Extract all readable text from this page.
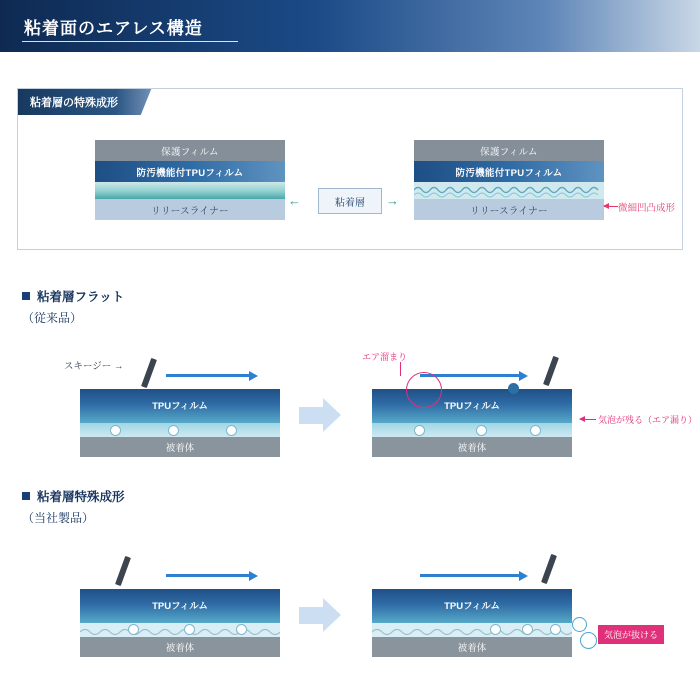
粘着面のエアレス構造
粘着層の特殊成形
保護フィルム
防汚機能付TPUフィルム
リリースライナー
保護フィルム
防汚機能付TPUフィルム
リリースライナー
←	粘着層	→
微細凹凸成形
粘着層フラット
（従来品）
スキージー →
TPUフィルム
被着体
TPUフィルム
被着体
エア溜まり
気泡が残る（エア漏り）
粘着層特殊成形
（当社製品）
TPUフィルム
被着体
TPUフィルム
被着体
気泡が抜ける
